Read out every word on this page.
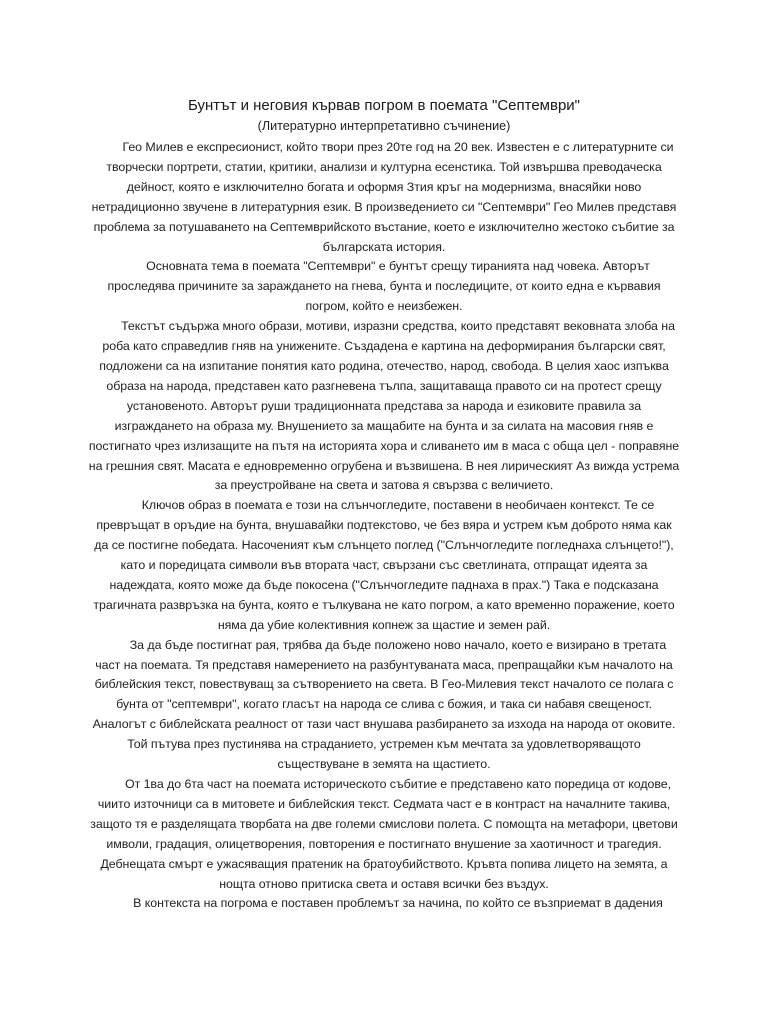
Бунтът и неговия кървав погром в поемата "Септември"
(Литературно интерпретативно съчинение)

Гео Милев е експресионист, който твори през 20те год на 20 век. Известен е с литературните си творчески портрети, статии, критики, анализи и културна есенстика. Той извършва преводаческа дейност, която е изключително богата и оформя Зтия кръг на модернизма, внасяйки ново нетрадиционно звучене в литературния език. В произведението си "Септември" Гео Милев представя проблема за потушаването на Септемврийското въстание, което е изключително жестоко събитие за българската история.

Основната тема в поемата "Септември" е бунтът срещу тиранията над човека. Авторът проследява причините за зараждането на гнева, бунта и последиците, от които една е кървавия погром, който е неизбежен.

Текстът съдържа много образи, мотиви, изразни средства, които представят вековната злоба на роба като справедлив гняв на унижените. Създадена е картина на деформирания български свят, подложени са на изпитание понятия като родина, отечество, народ, свобода. В целия хаос изпъква образа на народа, представен като разгневена тълпа, защитаваща правото си на протест срещу установеното. Авторът руши традиционната представа за народа и езиковите правила за изграждането на образа му. Внушението за мащабите на бунта и за силата на масовия гняв е постигнато чрез излизащите на пътя на историята хора и сливането им в маса с обща цел - поправяне на грешния свят. Масата е едновременно огрубена и възвишена. В нея лирическият Аз вижда устрема за преустройване на света и затова я свързва с величието.

Ключов образ в поемата е този на слънчогледите, поставени в необичаен контекст. Те се превръщат в оръдие на бунта, внушавайки подтекстово, че без вяра и устрем към доброто няма как да се постигне победата. Насоченият към слънцето поглед ("Слънчогледите погледнаха слънцето!"), като и поредицата символи във втората част, свързани със светлината, отпращат идеята за надеждата, която може да бъде покосена ("Слънчогледите паднаха в прах.") Така е подсказана трагичната развръзка на бунта, която е тълкувана не като погром, а като временно поражение, което няма да убие колективния копнеж за щастие и земен рай.

За да бъде постигнат рая, трябва да бъде положено ново начало, което е визирано в третата част на поемата. Тя представя намерението на разбунтуваната маса, препращайки към началото на библейския текст, повествуващ за сътворението на света. В Гео-Милевия текст началото се полага с бунта от "септември", когато гласът на народа се слива с божия, и така си набавя свещеност. Аналогът с библейската реалност от тази част внушава разбирането за изхода на народа от оковите. Той пътува през пустинява на страданието, устремен към мечтата за удовлетворяващото съществуване в земята на щастието.

От 1ва до 6та част на поемата историческото събитие е представено като поредица от кодове, чиито източници са в митовете и библейския текст. Седмата част е в контраст на началните такива, защото тя е разделящата творбата на две големи смислови полета. С помощта на метафори, цветови имволи, градация, олицетворения, повторения е постигнато внушение за хаотичност и трагедия. Дебнещата смърт е ужасяващия пратеник на братоубийството. Кръвта попива лицето на земята, а нощта отново притиска света и оставя всички без въздух.

В контекста на погрома е поставен проблемът за начина, по който се възприемат в дадения
